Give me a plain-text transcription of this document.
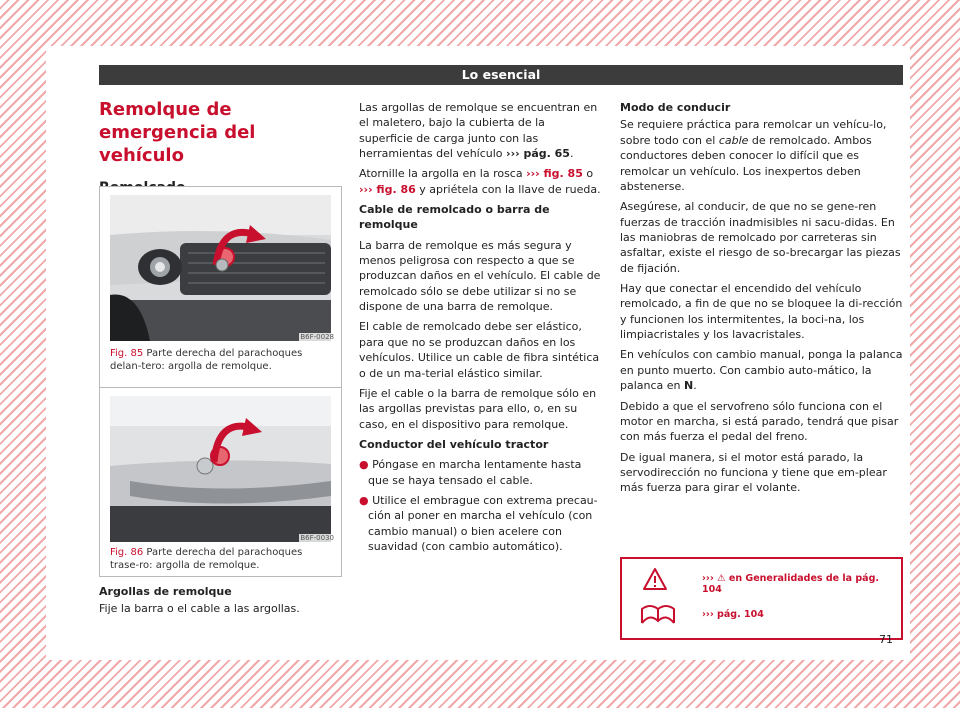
Lo esencial
Remolque de emergencia del vehículo
B6F-0028
Fig. 85 Parte derecha del parachoques delan-tero: argolla de remolque.
B6F-0030
Fig. 86 Parte derecha del parachoques trase-ro: argolla de remolque.

Argollas de remolque

Fije la barra o el cable a las argollas.

Las argollas de remolque se encuentran en el maletero, bajo la cubierta de la superficie de carga junto con las herramientas del vehículo ››› pág. 65.

Atornille la argolla en la rosca ››› fig. 85 o ››› fig. 86 y apriétela con la llave de rueda.

Cable de remolcado o barra de remolque

La barra de remolque es más segura y menos peligrosa con respecto a que se produzcan daños en el vehículo. El cable de remolcado sólo se debe utilizar si no se dispone de una barra de remolque.

El cable de remolcado debe ser elástico, para que no se produzcan daños en los vehículos. Utilice un cable de fibra sintética o de un ma-terial elástico similar.

Fije el cable o la barra de remolque sólo en las argollas previstas para ello, o, en su caso, en el dispositivo para remolque.

Conductor del vehículo tractor

● Póngase en marcha lentamente hasta que se haya tensado el cable.

● Utilice el embrague con extrema precau-ción al poner en marcha el vehículo (con cambio manual) o bien acelere con suavidad (con cambio automático).

Modo de conducir

Se requiere práctica para remolcar un vehícu-lo, sobre todo con el cable de remolcado. Ambos conductores deben conocer lo difícil que es remolcar un vehículo. Los inexpertos deben abstenerse.

Asegúrese, al conducir, de que no se gene-ren fuerzas de tracción inadmisibles ni sacu-didas. En las maniobras de remolcado por carreteras sin asfaltar, existe el riesgo de so-brecargar las piezas de fijación.

Hay que conectar el encendido del vehículo remolcado, a fin de que no se bloquee la di-rección y funcionen los intermitentes, la boci-na, los limpiacristales y los lavacristales.

En vehículos con cambio manual, ponga la palanca en punto muerto. Con cambio auto-mático, la palanca en N.

Debido a que el servofreno sólo funciona con el motor en marcha, si está parado, tendrá que pisar con más fuerza el pedal del freno.

De igual manera, si el motor está parado, la servodirección no funciona y tiene que em-plear más fuerza para girar el volante.

››› ⚠ en Generalidades de la pág. 104
››› pág. 104
71
